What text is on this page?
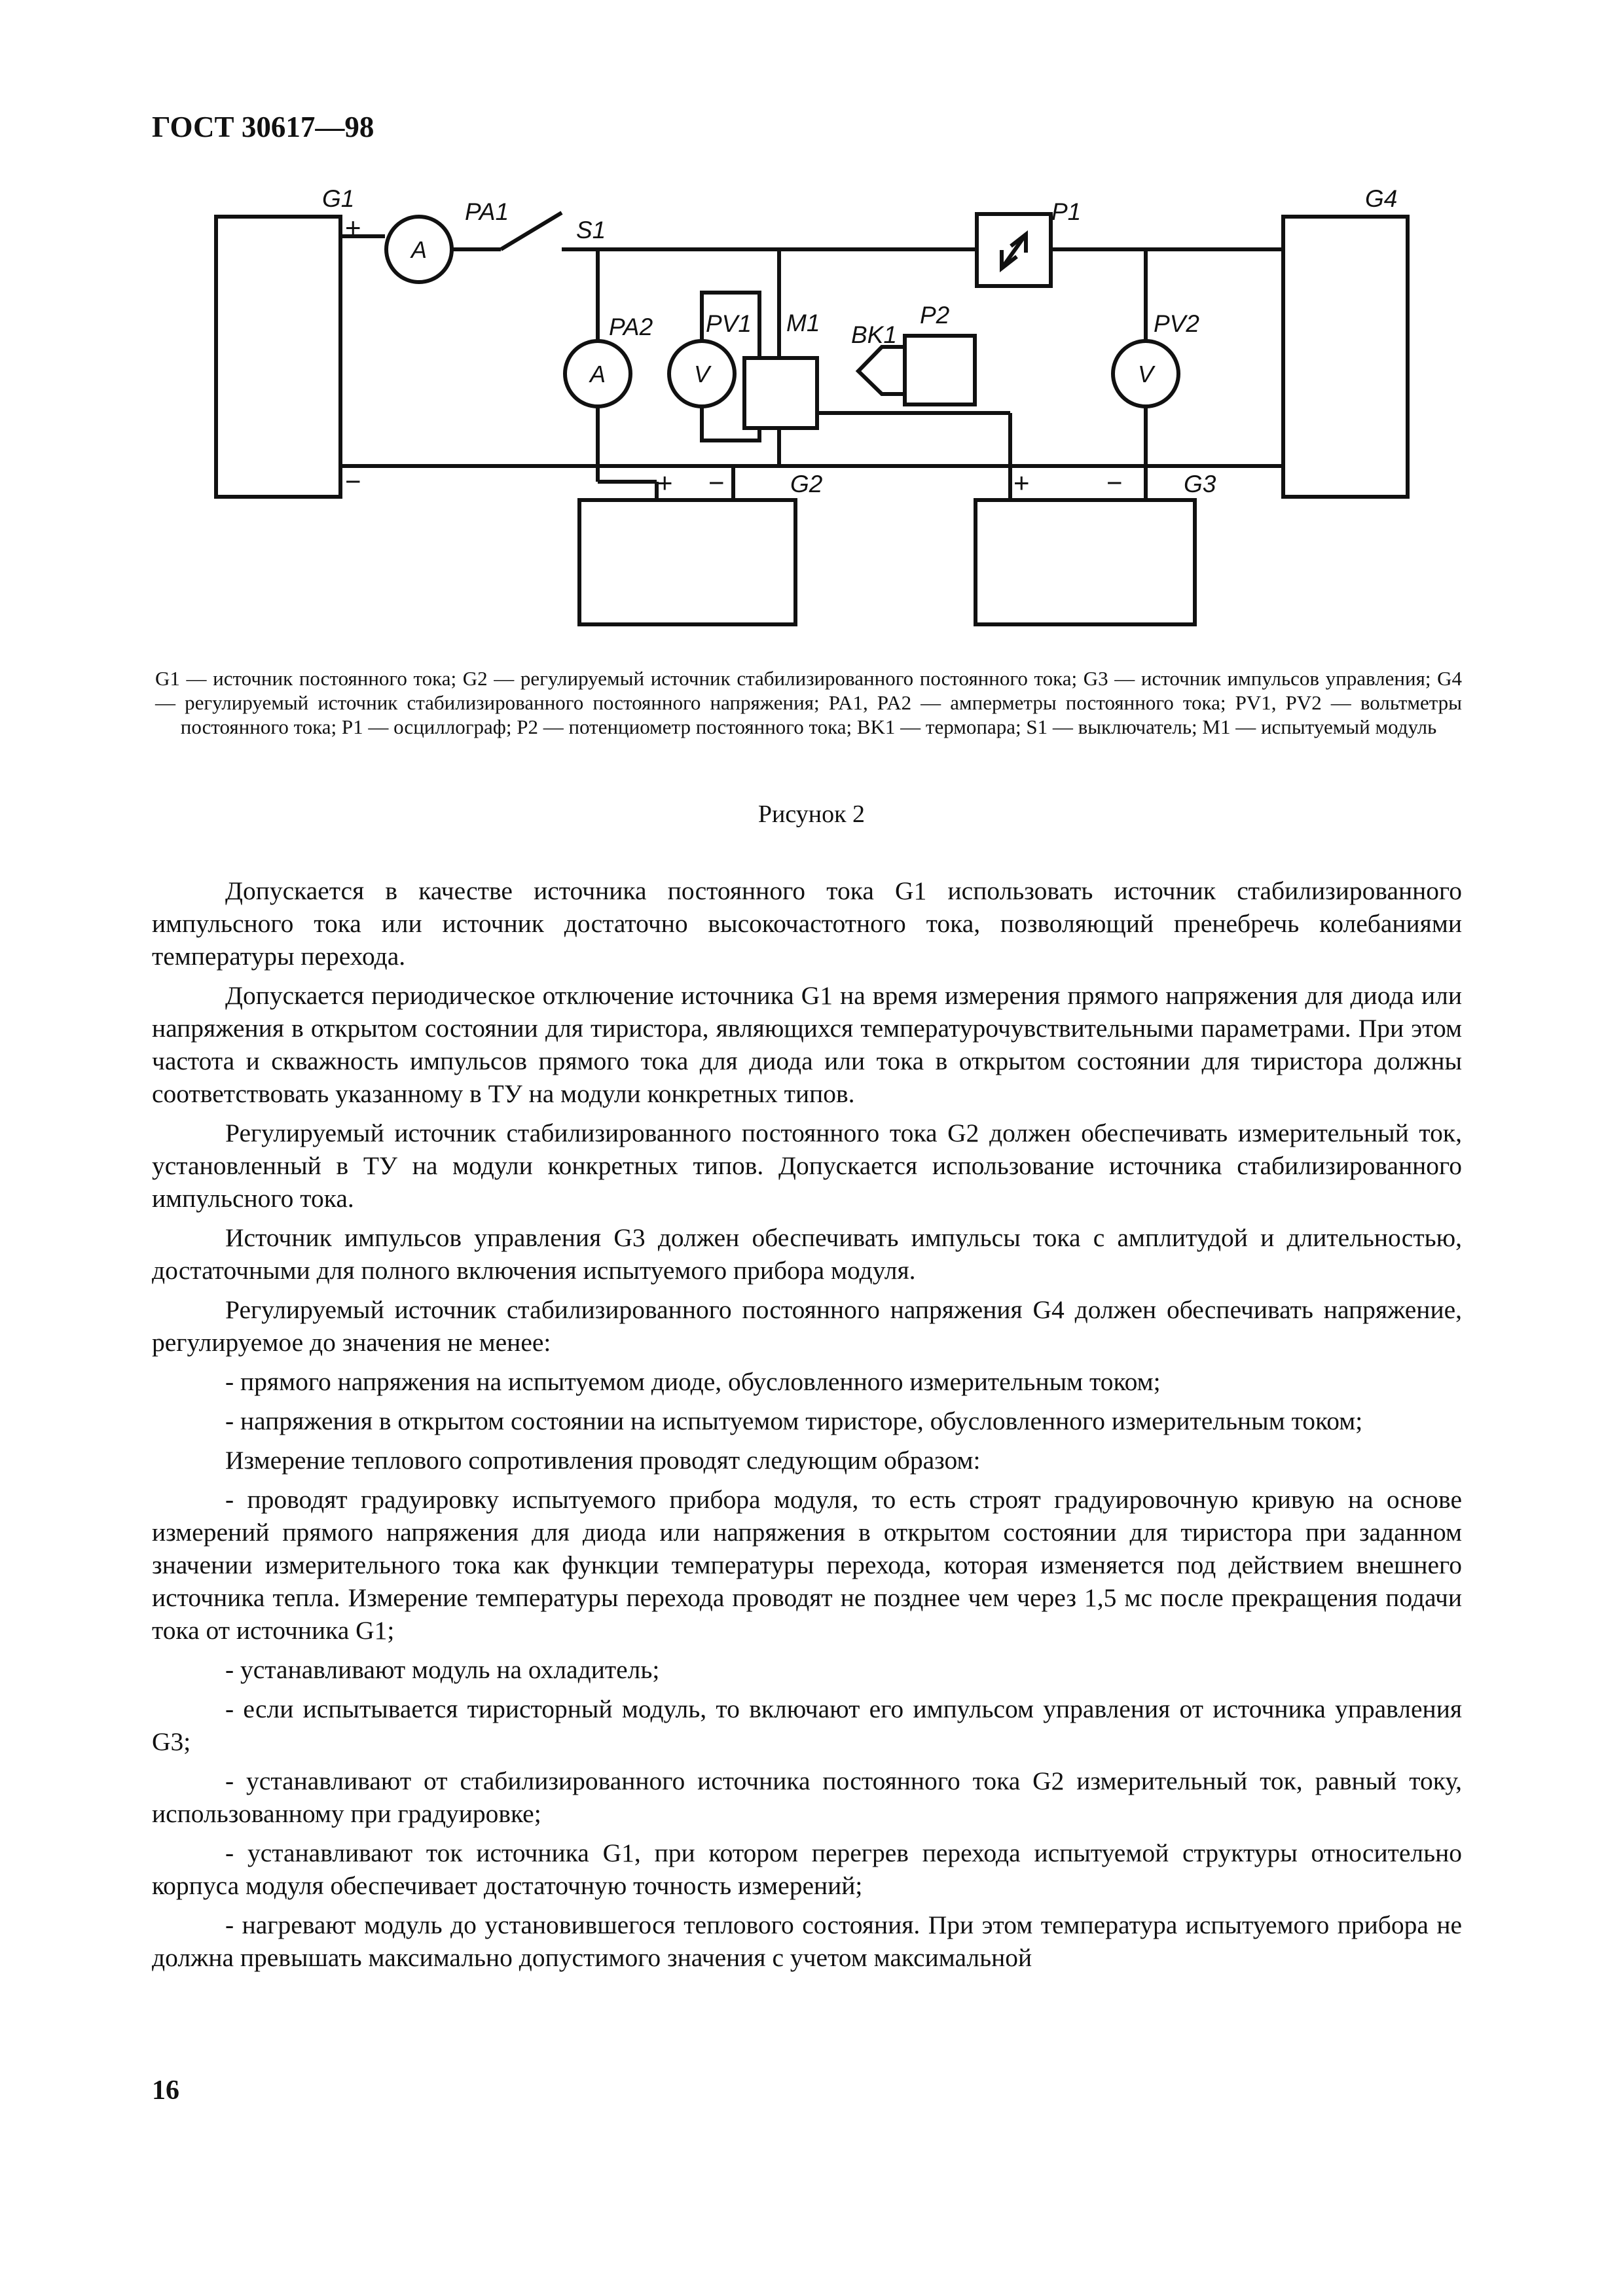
ГОСТ 30617—98
A
A	V	V
G1	PA1
S1
P1	G4
PA2 PV1 M1 BK1
P2	PV2
G2	G3
+
−	+ −	+	−
G1 — источник постоянного тока; G2 — регулируемый источник стабилизированного постоянного тока; G3 — источник импульсов управления; G4 — регулируемый источник стабилизированного постоянного напряжения; PA1, PA2 — амперметры постоянного тока; PV1, PV2 — вольтметры постоянного тока; P1 — осциллограф; P2 — потенциометр постоянного тока; BK1 — термопара; S1 — выключатель; M1 — испытуемый модуль
Рисунок 2

Допускается в качестве источника постоянного тока G1 использовать источник стабилизированного импульсного тока или источник достаточно высокочастотного тока, позволяющий пренебречь колебаниями температуры перехода.

Допускается периодическое отключение источника G1 на время измерения прямого напряжения для диода или напряжения в открытом состоянии для тиристора, являющихся температурочувствительными параметрами. При этом частота и скважность импульсов прямого тока для диода или тока в открытом состоянии для тиристора должны соответствовать указанному в ТУ на модули конкретных типов.

Регулируемый источник стабилизированного постоянного тока G2 должен обеспечивать измерительный ток, установленный в ТУ на модули конкретных типов. Допускается использование источника стабилизированного импульсного тока.

Источник импульсов управления G3 должен обеспечивать импульсы тока с амплитудой и длительностью, достаточными для полного включения испытуемого прибора модуля.

Регулируемый источник стабилизированного постоянного напряжения G4 должен обеспечивать напряжение, регулируемое до значения не менее:

- прямого напряжения на испытуемом диоде, обусловленного измерительным током;

- напряжения в открытом состоянии на испытуемом тиристоре, обусловленного измерительным током;

Измерение теплового сопротивления проводят следующим образом:

- проводят градуировку испытуемого прибора модуля, то есть строят градуировочную кривую на основе измерений прямого напряжения для диода или напряжения в открытом состоянии для тиристора при заданном значении измерительного тока как функции температуры перехода, которая изменяется под действием внешнего источника тепла. Измерение температуры перехода проводят не позднее чем через 1,5 мс после прекращения подачи тока от источника G1;

- устанавливают модуль на охладитель;

- если испытывается тиристорный модуль, то включают его импульсом управления от источника управления G3;

- устанавливают от стабилизированного источника постоянного тока G2 измерительный ток, равный току, использованному при градуировке;

- устанавливают ток источника G1, при котором перегрев перехода испытуемой структуры относительно корпуса модуля обеспечивает достаточную точность измерений;

- нагревают модуль до установившегося теплового состояния. При этом температура испытуемого прибора не должна превышать максимально допустимого значения с учетом максимальной

16
